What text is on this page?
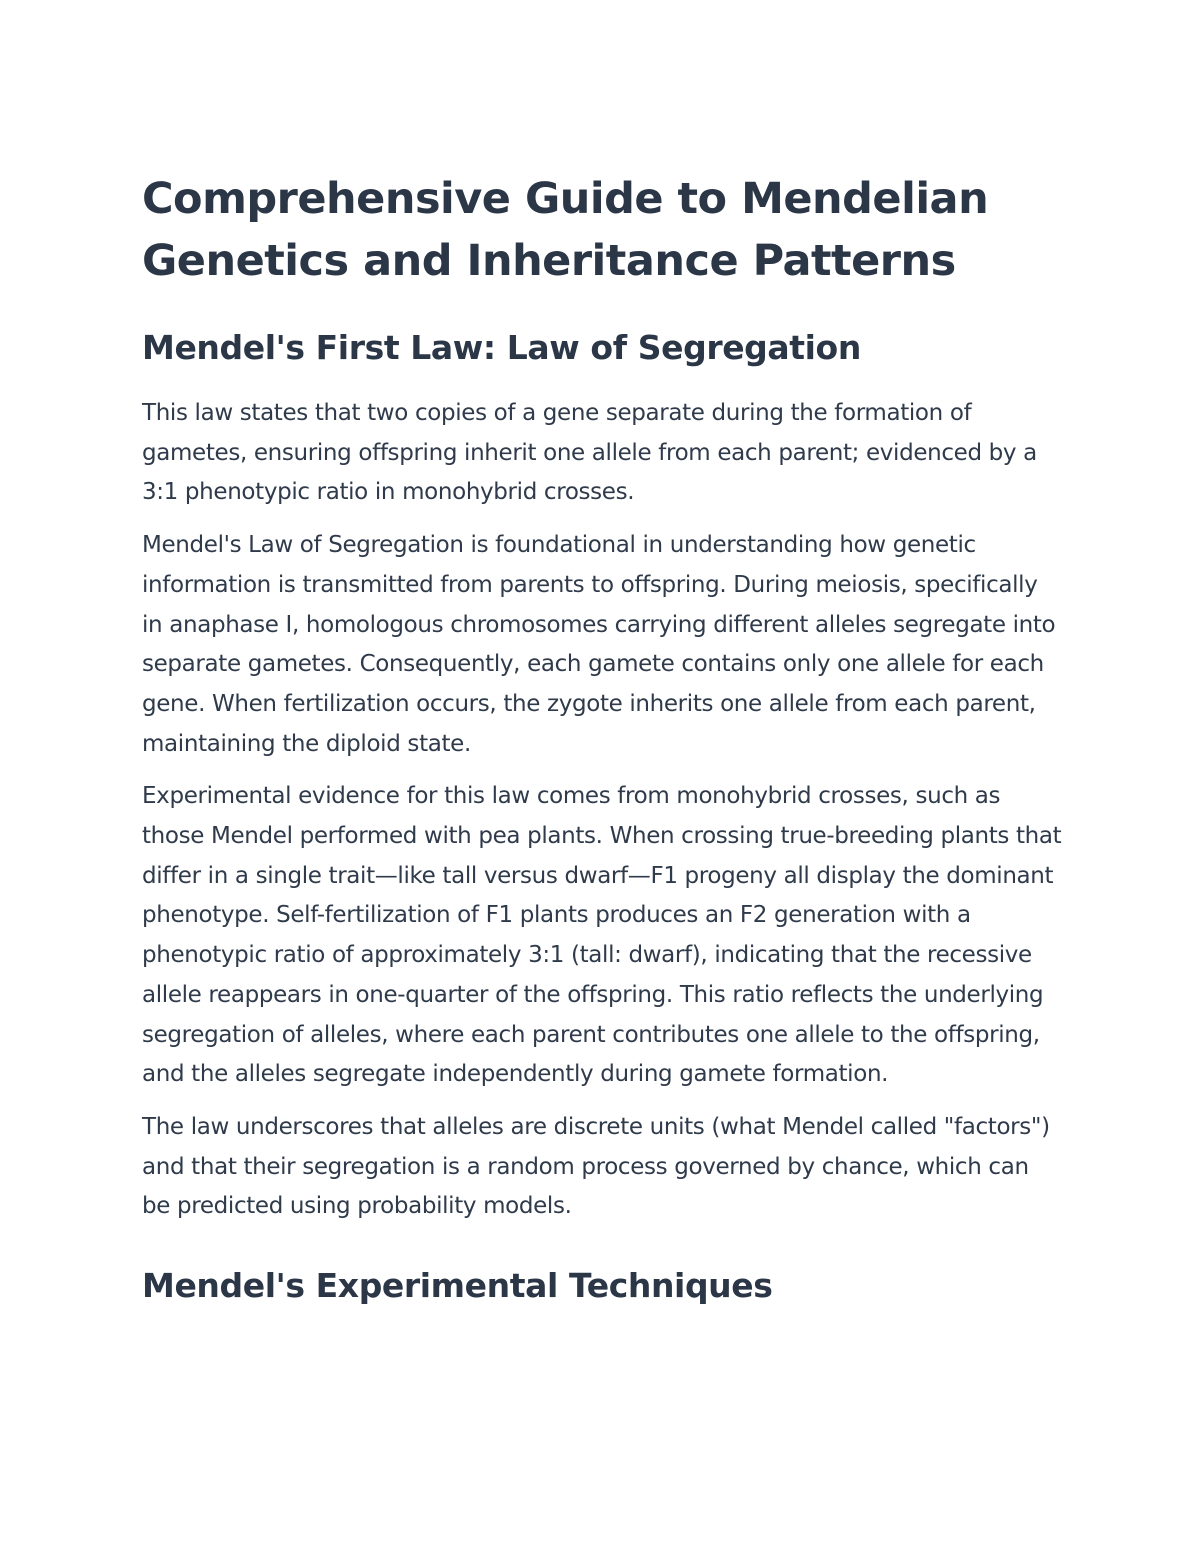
Comprehensive Guide to Mendelian Genetics and Inheritance Patterns
Mendel's First Law: Law of Segregation

This law states that two copies of a gene separate during the formation of gametes, ensuring offspring inherit one allele from each parent; evidenced by a 3:1 phenotypic ratio in monohybrid crosses.

Mendel's Law of Segregation is foundational in understanding how genetic information is transmitted from parents to offspring. During meiosis, specifically in anaphase I, homologous chromosomes carrying different alleles segregate into separate gametes. Consequently, each gamete contains only one allele for each gene. When fertilization occurs, the zygote inherits one allele from each parent, maintaining the diploid state.

Experimental evidence for this law comes from monohybrid crosses, such as those Mendel performed with pea plants. When crossing true-breeding plants that differ in a single trait—like tall versus dwarf—F1 progeny all display the dominant phenotype. Self-fertilization of F1 plants produces an F2 generation with a phenotypic ratio of approximately 3:1 (tall: dwarf), indicating that the recessive allele reappears in one-quarter of the offspring. This ratio reflects the underlying segregation of alleles, where each parent contributes one allele to the offspring, and the alleles segregate independently during gamete formation.

The law underscores that alleles are discrete units (what Mendel called "factors") and that their segregation is a random process governed by chance, which can be predicted using probability models.

Mendel's Experimental Techniques
